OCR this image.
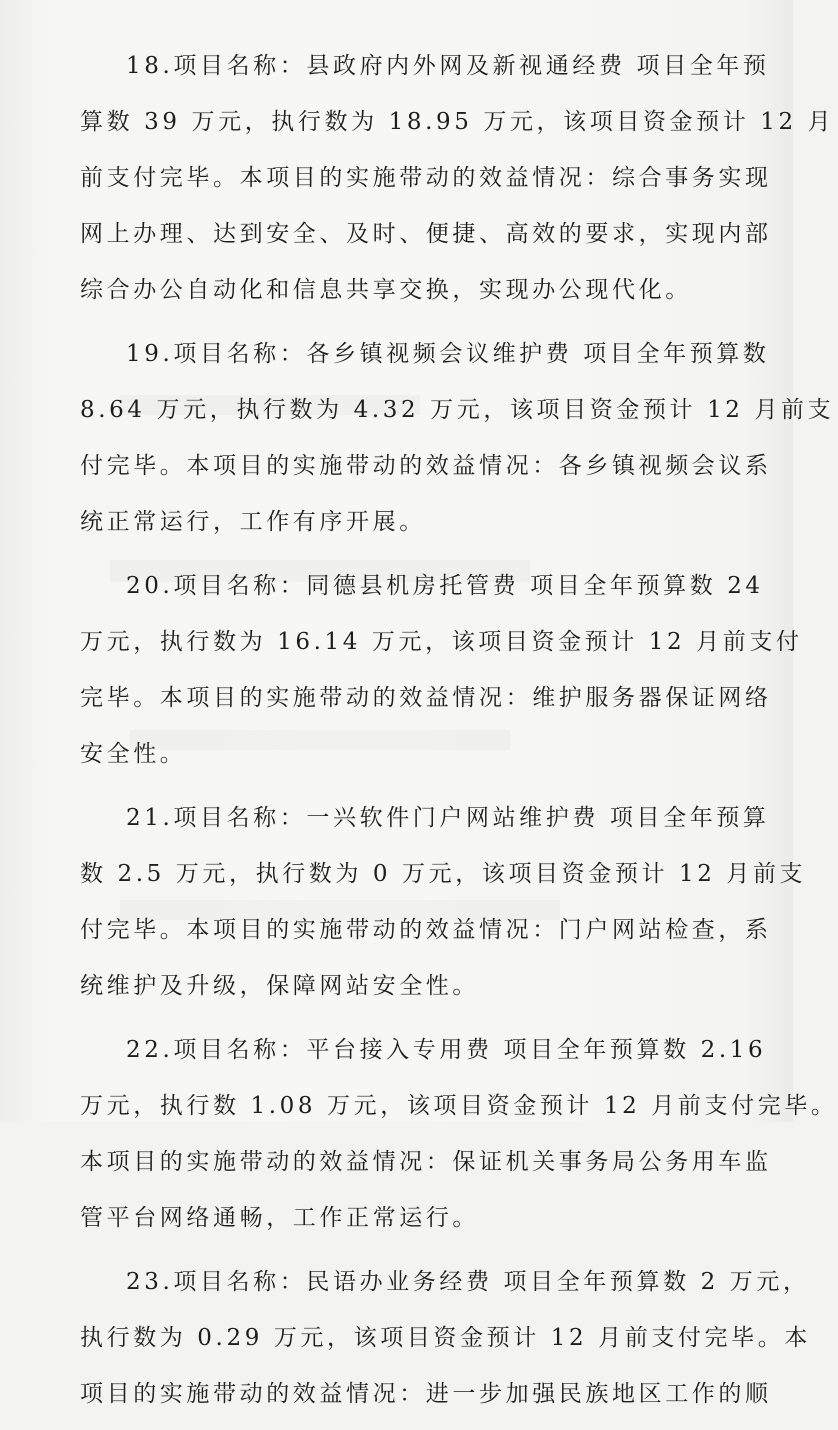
18.项目名称：县政府内外网及新视通经费 项目全年预
算数 39 万元，执行数为 18.95 万元，该项目资金预计 12 月
前支付完毕。本项目的实施带动的效益情况：综合事务实现
网上办理、达到安全、及时、便捷、高效的要求，实现内部
综合办公自动化和信息共享交换，实现办公现代化。
19.项目名称：各乡镇视频会议维护费 项目全年预算数
8.64 万元，执行数为 4.32 万元，该项目资金预计 12 月前支
付完毕。本项目的实施带动的效益情况：各乡镇视频会议系
统正常运行，工作有序开展。
20.项目名称：同德县机房托管费 项目全年预算数 24
万元，执行数为 16.14 万元，该项目资金预计 12 月前支付
完毕。本项目的实施带动的效益情况：维护服务器保证网络
安全性。
21.项目名称：一兴软件门户网站维护费 项目全年预算
数 2.5 万元，执行数为 0 万元，该项目资金预计 12 月前支
付完毕。本项目的实施带动的效益情况：门户网站检查，系
统维护及升级，保障网站安全性。
22.项目名称：平台接入专用费 项目全年预算数 2.16
万元，执行数 1.08 万元，该项目资金预计 12 月前支付完毕。
本项目的实施带动的效益情况：保证机关事务局公务用车监
管平台网络通畅，工作正常运行。
23.项目名称：民语办业务经费 项目全年预算数 2 万元，
执行数为 0.29 万元，该项目资金预计 12 月前支付完毕。本
项目的实施带动的效益情况：进一步加强民族地区工作的顺
